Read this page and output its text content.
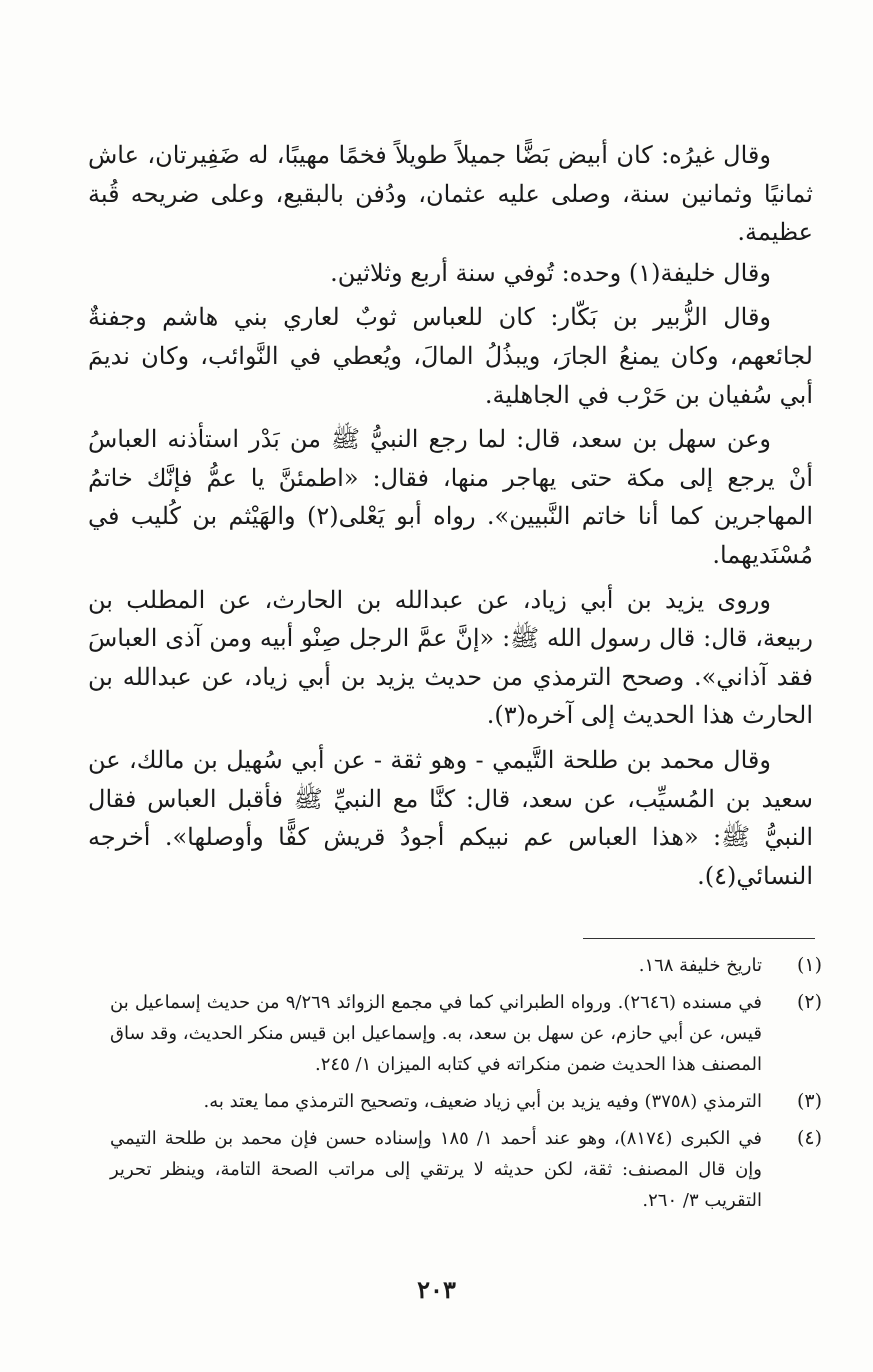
وقال غيرُه: كان أبيض بَضًّا جميلاً طويلاً فخمًا مهيبًا، له ضَفِيرتان، عاش ثمانيًا وثمانين سنة، وصلى عليه عثمان، ودُفن بالبقيع، وعلى ضريحه قُبة عظيمة.

وقال خليفة(١) وحده: تُوفي سنة أربع وثلاثين.

وقال الزُّبير بن بَكّار: كان للعباس ثوبٌ لعاري بني هاشم وجفنةٌ لجائعهم، وكان يمنعُ الجارَ، ويبذُلُ المالَ، ويُعطي في النَّوائب، وكان نديمَ أبي سُفيان بن حَرْب في الجاهلية.

وعن سهل بن سعد، قال: لما رجع النبيُّ ﷺ من بَدْر استأذنه العباسُ أنْ يرجع إلى مكة حتى يهاجر منها، فقال: «اطمئنَّ يا عمُّ فإنَّك خاتمُ المهاجرين كما أنا خاتم النَّبيين». رواه أبو يَعْلى(٢) والهَيْثم بن كُليب في مُسْنَديهما.

وروى يزيد بن أبي زياد، عن عبدالله بن الحارث، عن المطلب بن ربيعة، قال: قال رسول الله ﷺ: «إنَّ عمَّ الرجل صِنْو أبيه ومن آذى العباسَ فقد آذاني». وصحح الترمذي من حديث يزيد بن أبي زياد، عن عبدالله بن الحارث هذا الحديث إلى آخره(٣).

وقال محمد بن طلحة التَّيمي - وهو ثقة - عن أبي سُهيل بن مالك، عن سعيد بن المُسيِّب، عن سعد، قال: كنَّا مع النبيِّ ﷺ فأقبل العباس فقال النبيُّ ﷺ: «هذا العباس عم نبيكم أجودُ قريش كفًّا وأوصلها». أخرجه النسائي(٤).

(١)
تاريخ خليفة ١٦٨.
(٢)
في مسنده (٢٦٤٦). ورواه الطبراني كما في مجمع الزوائد ٩/٢٦٩ من حديث إسماعيل بن قيس، عن أبي حازم، عن سهل بن سعد، به. وإسماعيل ابن قيس منكر الحديث، وقد ساق المصنف هذا الحديث ضمن منكراته في كتابه الميزان ١/ ٢٤٥.
(٣)
الترمذي (٣٧٥٨) وفيه يزيد بن أبي زياد ضعيف، وتصحيح الترمذي مما يعتد به.
(٤)
في الكبرى (٨١٧٤)، وهو عند أحمد ١/ ١٨٥ وإسناده حسن فإن محمد بن طلحة التيمي وإن قال المصنف: ثقة، لكن حديثه لا يرتقي إلى مراتب الصحة التامة، وينظر تحرير التقريب ٣/ ٢٦٠.
٢٠٣
